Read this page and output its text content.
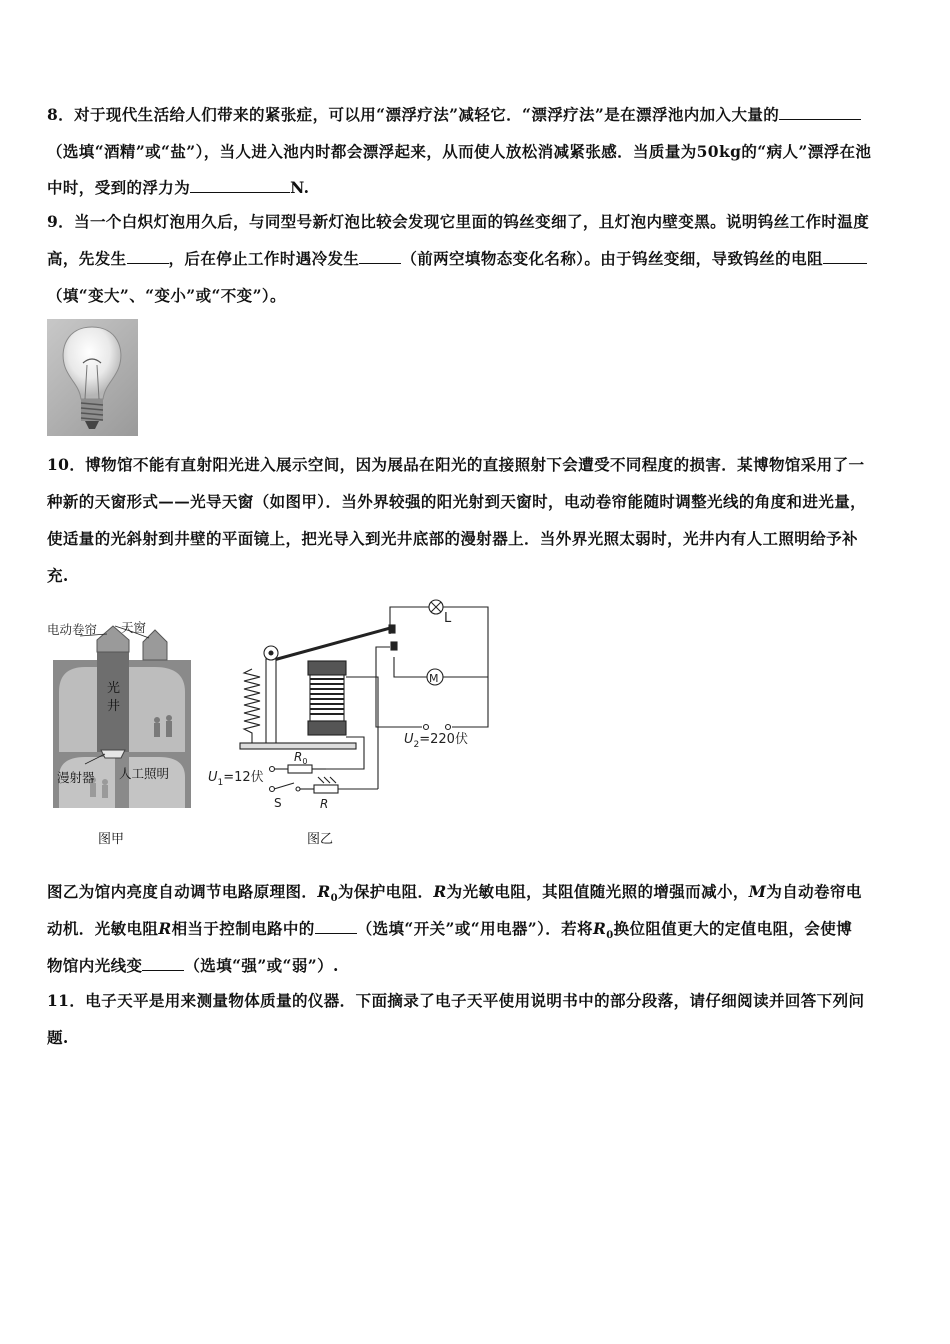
8．对于现代生活给人们带来的紧张症，可以用“漂浮疗法”减轻它．“漂浮疗法”是在漂浮池内加入大量的
（选填“酒精”或“盐”），当人进入池内时都会漂浮起来，从而使人放松消减紧张感．当质量为50kg的“病人”漂浮在池
中时，受到的浮力为	N.
9．当一个白炽灯泡用久后，与同型号新灯泡比较会发现它里面的钨丝变细了，且灯泡内壁变黑。说明钨丝工作时温度
高，先发生	，后在停止工作时遇冷发生	（前两空填物态变化名称）。由于钨丝变细，导致钨丝的电阻
（填“变大”、“变小”或“不变”）。
10．博物馆不能有直射阳光进入展示空间，因为展品在阳光的直接照射下会遭受不同程度的损害．某博物馆采用了一
种新的天窗形式——光导天窗（如图甲）．当外界较强的阳光射到天窗时，电动卷帘能随时调整光线的角度和进光量，
使适量的光斜射到井壁的平面镜上，把光导入到光井底部的漫射器上．当外界光照太弱时，光井内有人工照明给予补
充.
电动卷帘 天窗
光
井
漫射器 人工照明
图甲
L
M
$U_2=220$伏
$U_1=12$伏
$R_0$
S	R
图乙
图乙为馆内亮度自动调节电路原理图．$R_0$为保护电阻．R为光敏电阻，其阻值随光照的增强而减小，M为自动卷帘电
动机．光敏电阻R相当于控制电路中的	（选填“开关”或“用电器”）．若将$R_0$换位阻值更大的定值电阻，会使博
物馆内光线变	（选填“强”或“弱”）.
11．电子天平是用来测量物体质量的仪器．下面摘录了电子天平使用说明书中的部分段落，请仔细阅读并回答下列问
题.
